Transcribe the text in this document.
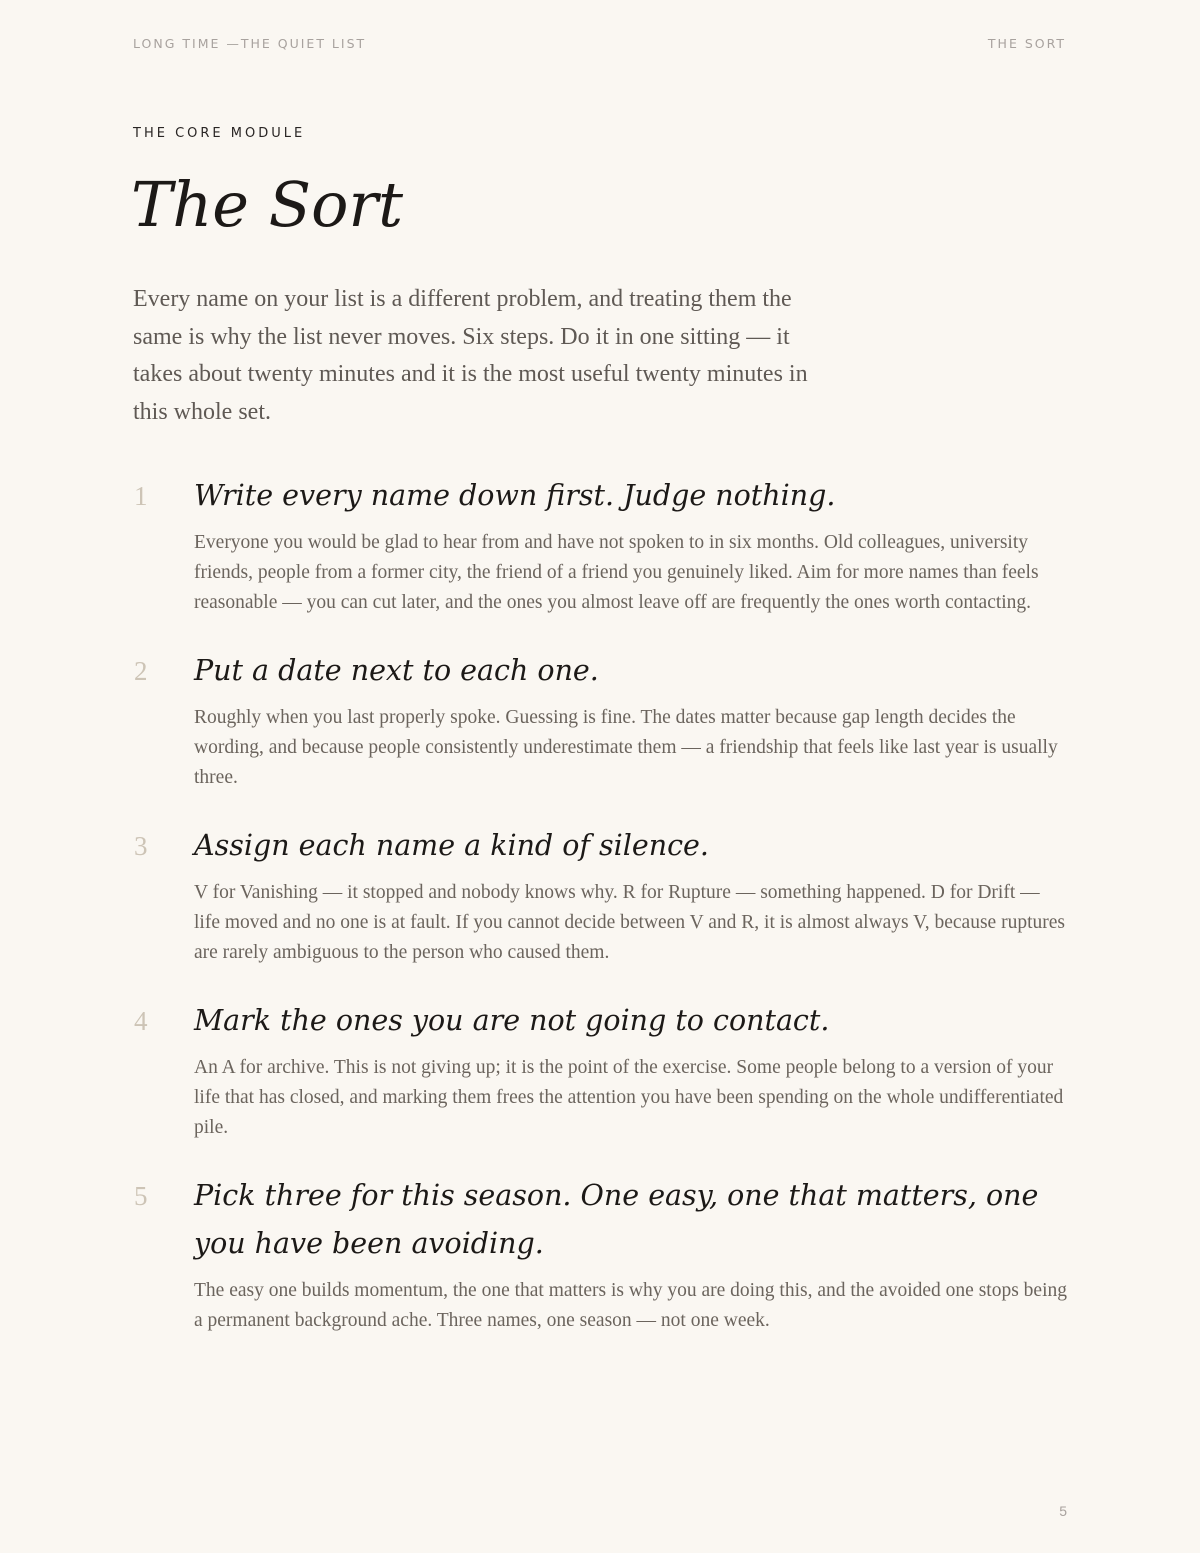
LONG TIME —THE QUIET LIST	THE SORT
THE CORE MODULE
The Sort

Every name on your list is a different problem, and treating them the same is why the list never moves. Six steps. Do it in one sitting — it takes about twenty minutes and it is the most useful twenty minutes in this whole set.

1 Write every name down first. Judge nothing.

Everyone you would be glad to hear from and have not spoken to in six months. Old colleagues, university friends, people from a former city, the friend of a friend you genuinely liked. Aim for more names than feels reasonable — you can cut later, and the ones you almost leave off are frequently the ones worth contacting.

2 Put a date next to each one.

Roughly when you last properly spoke. Guessing is fine. The dates matter because gap length decides the wording, and because people consistently underestimate them — a friendship that feels like last year is usually three.

3 Assign each name a kind of silence.

V for Vanishing — it stopped and nobody knows why. R for Rupture — something happened. D for Drift — life moved and no one is at fault. If you cannot decide between V and R, it is almost always V, because ruptures are rarely ambiguous to the person who caused them.

4 Mark the ones you are not going to contact.

An A for archive. This is not giving up; it is the point of the exercise. Some people belong to a version of your life that has closed, and marking them frees the attention you have been spending on the whole undifferentiated pile.

5 Pick three for this season. One easy, one that matters, one you have been avoiding.

The easy one builds momentum, the one that matters is why you are doing this, and the avoided one stops being a permanent background ache. Three names, one season — not one week.

5
